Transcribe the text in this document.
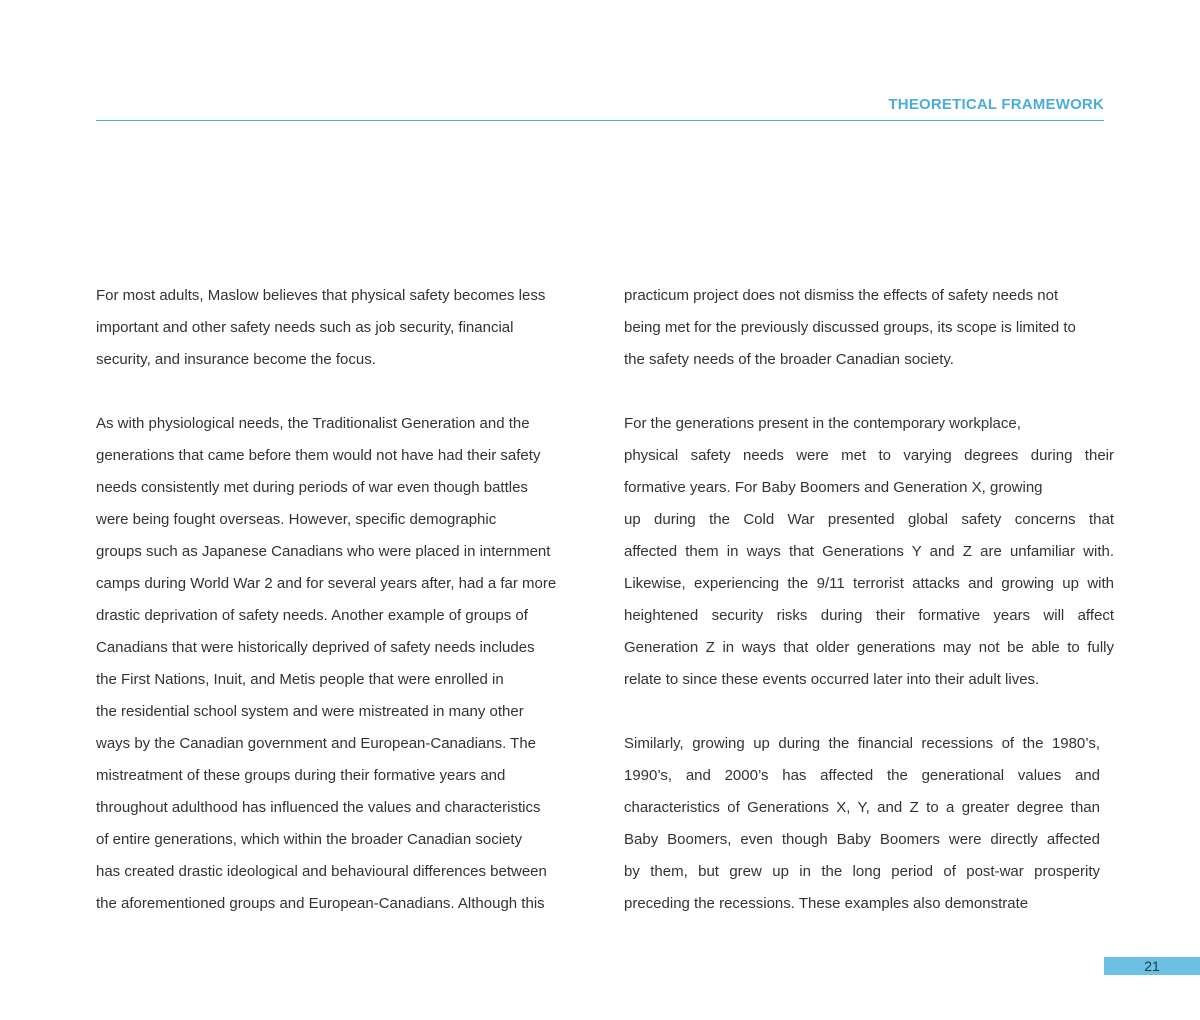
THEORETICAL FRAMEWORK
For most adults, Maslow believes that physical safety becomes less
important and other safety needs such as job security, financial
security, and insurance become the focus.
As with physiological needs, the Traditionalist Generation and the
generations that came before them would not have had their safety
needs consistently met during periods of war even though battles
were being fought overseas. However, specific demographic
groups such as Japanese Canadians who were placed in internment
camps during World War 2 and for several years after, had a far more
drastic deprivation of safety needs. Another example of groups of
Canadians that were historically deprived of safety needs includes
the First Nations, Inuit, and Metis people that were enrolled in
the residential school system and were mistreated in many other
ways by the Canadian government and European-Canadians. The
mistreatment of these groups during their formative years and
throughout adulthood has influenced the values and characteristics
of entire generations, which within the broader Canadian society
has created drastic ideological and behavioural differences between
the aforementioned groups and European-Canadians. Although this
practicum project does not dismiss the effects of safety needs not
being met for the previously discussed groups, its scope is limited to
the safety needs of the broader Canadian society.
For the generations present in the contemporary workplace,
physical safety needs were met to varying degrees during their
formative years. For Baby Boomers and Generation X, growing
up during the Cold War presented global safety concerns that
affected them in ways that Generations Y and Z are unfamiliar with.
Likewise, experiencing the 9/11 terrorist attacks and growing up with
heightened security risks during their formative years will affect
Generation Z in ways that older generations may not be able to fully
relate to since these events occurred later into their adult lives.
Similarly, growing up during the financial recessions of the 1980’s,
1990’s, and 2000’s has affected the generational values and
characteristics of Generations X, Y, and Z to a greater degree than
Baby Boomers, even though Baby Boomers were directly affected
by them, but grew up in the long period of post-war prosperity
preceding the recessions. These examples also demonstrate
21
